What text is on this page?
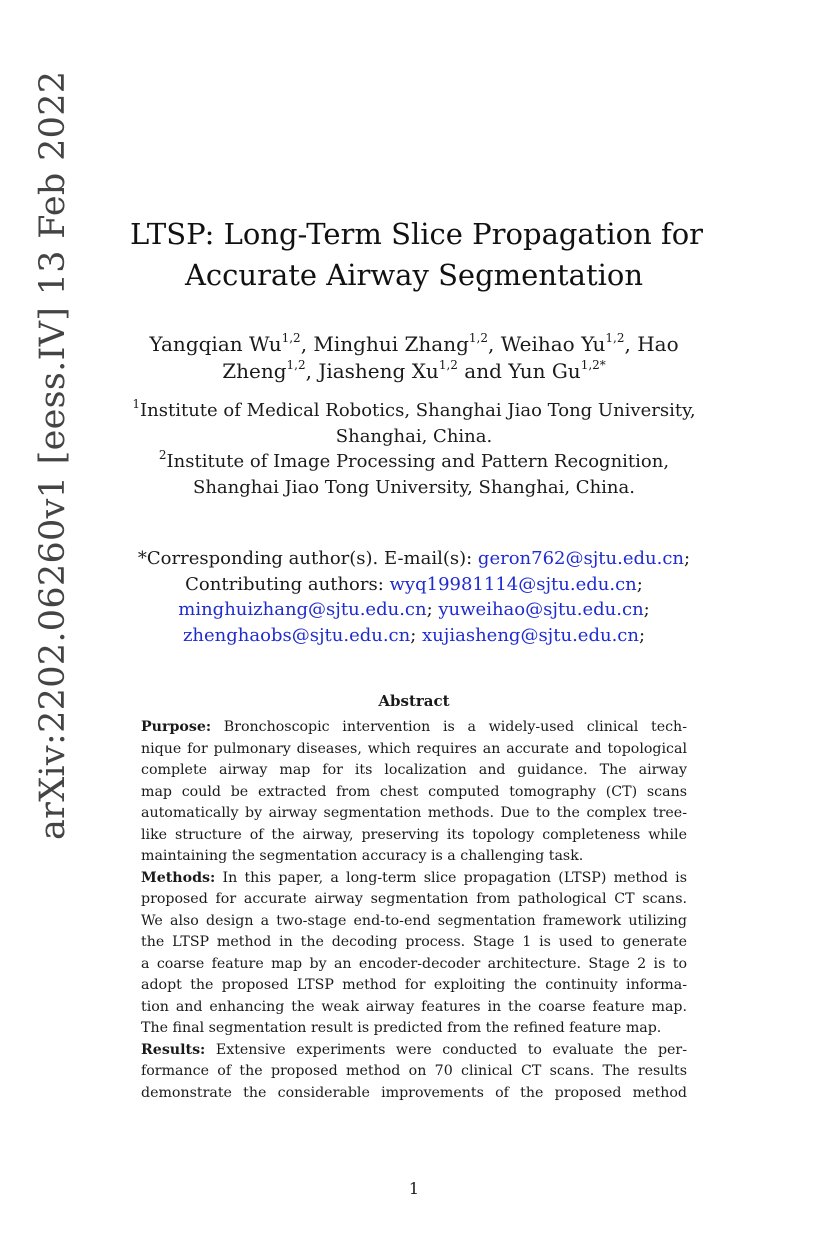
arXiv:2202.06260v1 [eess.IV] 13 Feb 2022 LTSP: Long-Term Slice Propagation for
Accurate Airway Segmentation
Yangqian Wu$^{1,2}$, Minghui Zhang$^{1,2}$, Weihao Yu$^{1,2}$, Hao
Zheng$^{1,2}$, Jiasheng Xu$^{1,2}$ and Yun $Gu^{1,2*}$
$^1$Institute of Medical Robotics, Shanghai Jiao Tong University,
Shanghai, China.
$^2$Institute of Image Processing and Pattern Recognition,
Shanghai Jiao Tong University, Shanghai, China.
*Corresponding author(s). E-mail(s): geron762@sjtu.edu.cn;
Contributing authors: wyq19981114@sjtu.edu.cn;
minghuizhang@sjtu.edu.cn; yuweihao@sjtu.edu.cn;
zhenghaobs@sjtu.edu.cn; xujiasheng@sjtu.edu.cn;
Abstract
Purpose: Bronchoscopic intervention is a widely-used clinical tech-
nique for pulmonary diseases, which requires an accurate and topological
complete airway map for its localization and guidance. The airway
map could be extracted from chest computed tomography (CT) scans
automatically by airway segmentation methods. Due to the complex tree-
like structure of the airway, preserving its topology completeness while
maintaining the segmentation accuracy is a challenging task.
Methods: In this paper, a long-term slice propagation (LTSP) method is
proposed for accurate airway segmentation from pathological CT scans.
We also design a two-stage end-to-end segmentation framework utilizing
the LTSP method in the decoding process. Stage 1 is used to generate
a coarse feature map by an encoder-decoder architecture. Stage 2 is to
adopt the proposed LTSP method for exploiting the continuity informa-
tion and enhancing the weak airway features in the coarse feature map.
The final segmentation result is predicted from the refined feature map.
Results: Extensive experiments were conducted to evaluate the per-
formance of the proposed method on 70 clinical CT scans. The results
demonstrate the considerable improvements of the proposed method
1
